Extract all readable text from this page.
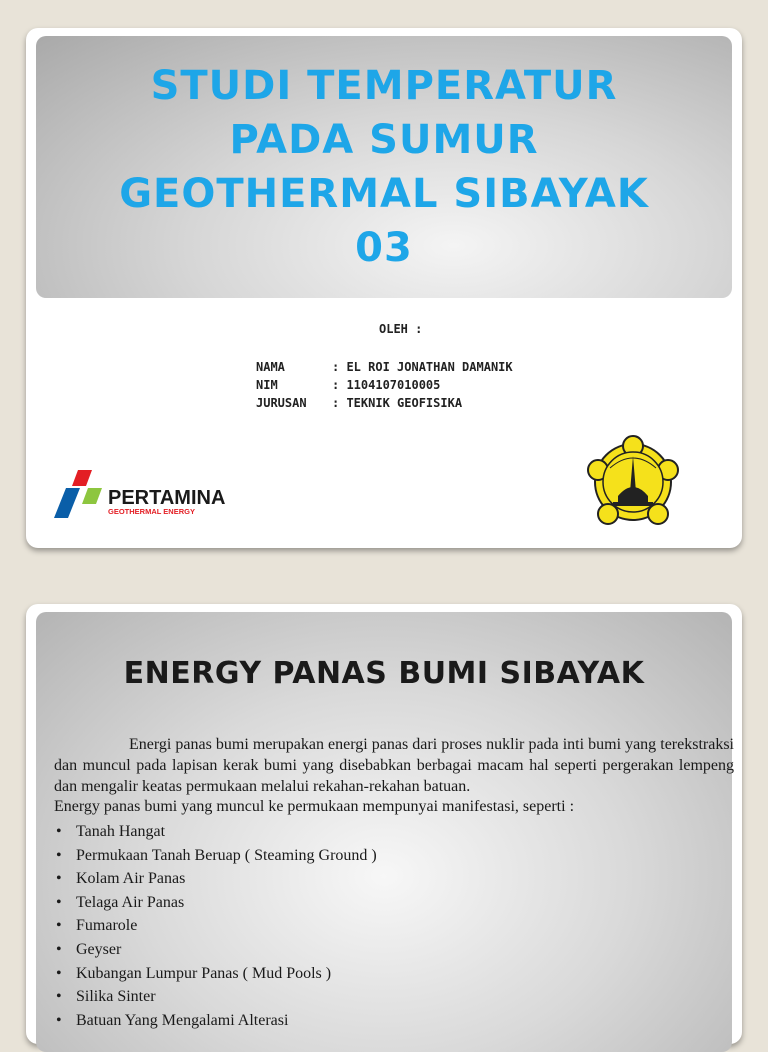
STUDI TEMPERATUR PADA SUMUR GEOTHERMAL SIBAYAK 03
OLEH :
NAMA	: EL ROI JONATHAN DAMANIK
NIM	: 1104107010005
JURUSAN	: TEKNIK GEOFISIKA
PERTAMINA
GEOTHERMAL ENERGY
ENERGY PANAS BUMI SIBAYAK

Energi panas bumi merupakan energi panas dari proses nuklir pada inti bumi yang terekstraksi dan muncul pada lapisan kerak bumi yang disebabkan berbagai macam hal seperti pergerakan lempeng dan mengalir keatas permukaan melalui rekahan-rekahan batuan.

Energy panas bumi yang muncul ke permukaan mempunyai manifestasi, seperti :

• Tanah Hangat
• Permukaan Tanah Beruap ( Steaming Ground )
• Kolam Air Panas
• Telaga Air Panas
• Fumarole
• Geyser
• Kubangan Lumpur Panas ( Mud Pools )
• Silika Sinter
• Batuan Yang Mengalami Alterasi
